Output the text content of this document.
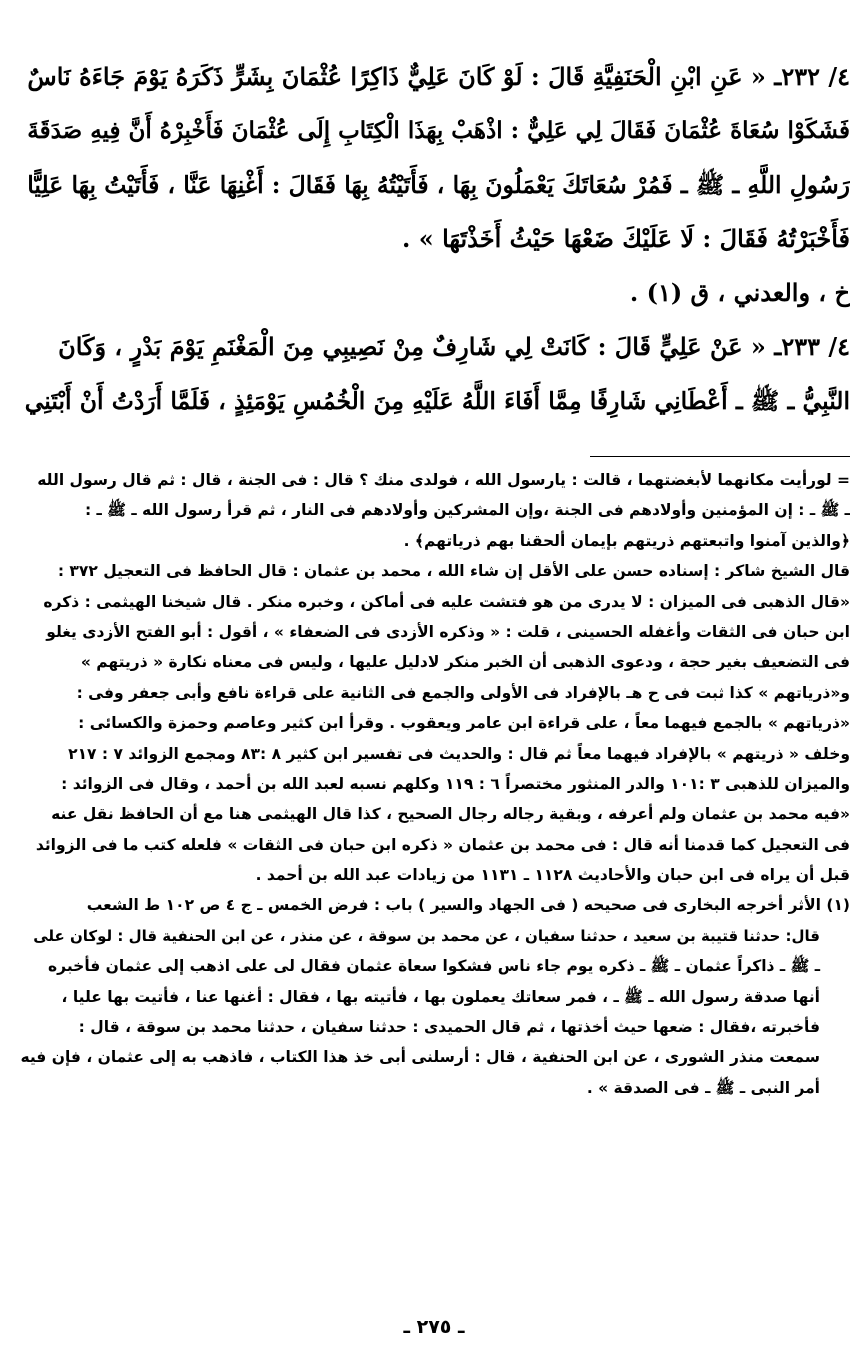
٤/ ٢٣٢ـ « عَنِ ابْنِ الْحَنَفِيَّةِ قَالَ : لَوْ كَانَ عَلِيٌّ ذَاكِرًا عُثْمَانَ بِشَرٍّ ذَكَرَهُ يَوْمَ جَاءَهُ نَاسٌ

فَشَكَوْا سُعَاةَ عُثْمَانَ فَقَالَ لِي عَلِيٌّ : اذْهَبْ بِهَذَا الْكِتَابِ إِلَى عُثْمَانَ فَأَخْبِرْهُ أَنَّ فِيهِ صَدَقَةَ

رَسُولِ اللَّهِ ـ ﷺ ـ فَمُرْ سُعَاتَكَ يَعْمَلُونَ بِهَا ، فَأَتَيْتُهُ بِهَا فَقَالَ : أَغْنِهَا عَنَّا ، فَأَتَيْتُ بِهَا عَلِيًّا

فَأَخْبَرْتُهُ فَقَالَ : لَا عَلَيْكَ ضَعْهَا حَيْثُ أَخَذْتَهَا » .

خ ، والعدني ، ق (١) .

٤/ ٢٣٣ـ « عَنْ عَلِيٍّ قَالَ : كَانَتْ لِي شَارِفٌ مِنْ نَصِيبِي مِنَ الْمَغْنَمِ يَوْمَ بَدْرٍ ، وَكَانَ

النَّبِيُّ ـ ﷺ ـ أَعْطَانِي شَارِفًا مِمَّا أَفَاءَ اللَّهُ عَلَيْهِ مِنَ الْخُمُسِ يَوْمَئِذٍ ، فَلَمَّا أَرَدْتُ أَنْ أَبْتَنِي

= لورأيت مكانهما لأبغضتهما ، قالت : يارسول الله ، فولدى منك ؟ قال : فى الجنة ، قال : ثم قال رسول الله

ـ ﷺ ـ : إن المؤمنين وأولادهم فى الجنة ،وإن المشركين وأولادهم فى النار ، ثم قرأ رسول الله ـ ﷺ ـ :

﴿والذين آمنوا واتبعتهم ذريتهم بإيمان ألحقنا بهم ذرياتهم﴾ .

قال الشيخ شاكر : إسناده حسن على الأقل إن شاء الله ، محمد بن عثمان : قال الحافظ فى التعجيل ٣٧٢ :

«قال الذهبى فى الميزان : لا يدرى من هو فتشت عليه فى أماكن ، وخبره منكر . قال شيخنا الهيثمى : ذكره

ابن حبان فى الثقات وأغفله الحسينى ، قلت : « وذكره الأزدى فى الضعفاء » ، أقول : أبو الفتح الأزدى يغلو

فى التضعيف بغير حجة ، ودعوى الذهبى أن الخبر منكر لادليل عليها ، وليس فى معناه نكارة « ذريتهم »

و«ذرياتهم » كذا ثبت فى ح هـ بالإفراد فى الأولى والجمع فى الثانية على قراءة نافع وأبى جعفر وفى :

«ذرياتهم » بالجمع فيهما معاً ، على قراءة ابن عامر ويعقوب . وقرأ ابن كثير وعاصم وحمزة والكسائى :

وخلف « ذريتهم » بالإفراد فيهما معاً ثم قال : والحديث فى تفسير ابن كثير ٨ :٨٣ ومجمع الزوائد ٧ : ٢١٧

والميزان للذهبى ٣ :١٠١ والدر المنثور مختصراً ٦ : ١١٩ وكلهم نسبه لعبد الله بن أحمد ، وقال فى الزوائد :

«فيه محمد بن عثمان ولم أعرفه ، وبقية رجاله رجال الصحيح ، كذا قال الهيثمى هنا مع أن الحافظ نقل عنه

فى التعجيل كما قدمنا أنه قال : فى محمد بن عثمان « ذكره ابن حبان فى الثقات » فلعله كتب ما فى الزوائد

قبل أن يراه فى ابن حبان والأحاديث ١١٢٨ ـ ١١٣١ من زيادات عبد الله بن أحمد .

(١) الأثر أخرجه البخارى فى صحيحه ( فى الجهاد والسير ) باب : فرض الخمس ـ ج ٤ ص ١٠٢ ط الشعب

قال: حدثنا قتيبة بن سعيد ، حدثنا سفيان ، عن محمد بن سوقة ، عن منذر ، عن ابن الحنفية قال : لوكان على

ـ ﷺ ـ ذاكراً عثمان ـ ﷺ ـ ذكره يوم جاء ناس فشكوا سعاة عثمان فقال لى على اذهب إلى عثمان فأخبره

أنها صدقة رسول الله ـ ﷺ ـ ، فمر سعاتك يعملون بها ، فأتيته بها ، فقال : أغنها عنا ، فأتيت بها عليا ،

فأخبرته ،فقال : ضعها حيث أخذتها ، ثم قال الحميدى : حدثنا سفيان ، حدثنا محمد بن سوقة ، قال :

سمعت منذر الشورى ، عن ابن الحنفية ، قال : أرسلنى أبى خذ هذا الكتاب ، فاذهب به إلى عثمان ، فإن فيه

أمر النبى ـ ﷺ ـ فى الصدقة » .

ـ ٢٧٥ ـ
